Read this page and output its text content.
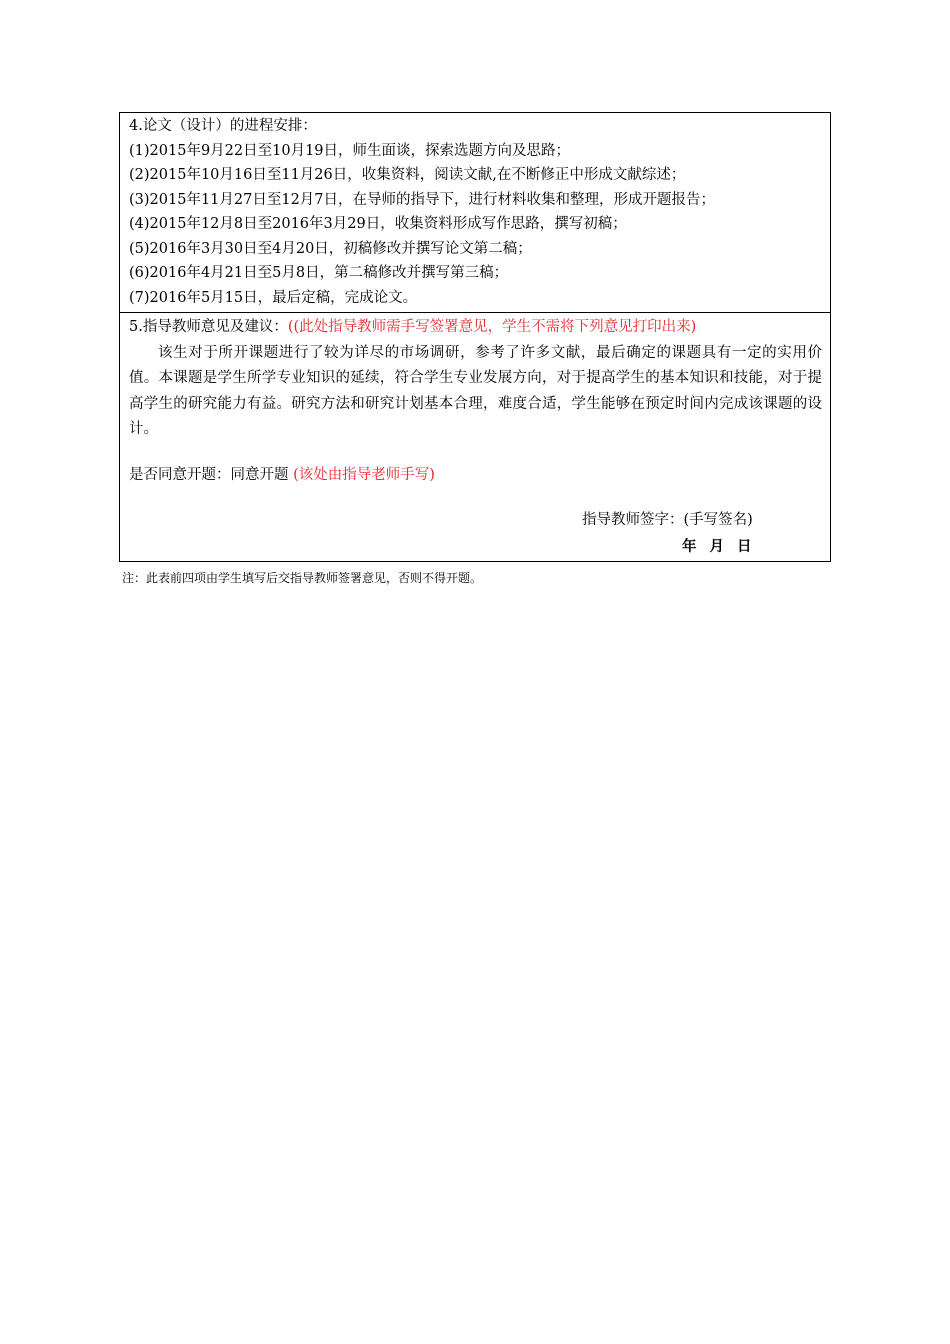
4.论文（设计）的进程安排：
(1)2015年9月22日至10月19日，师生面谈，探索选题方向及思路；
(2)2015年10月16日至11月26日，收集资料，阅读文献,在不断修正中形成文献综述；
(3)2015年11月27日至12月7日，在导师的指导下，进行材料收集和整理，形成开题报告；
(4)2015年12月8日至2016年3月29日，收集资料形成写作思路，撰写初稿；
(5)2016年3月30日至4月20日，初稿修改并撰写论文第二稿；
(6)2016年4月21日至5月8日，第二稿修改并撰写第三稿；
(7)2016年5月15日，最后定稿，完成论文。
5.指导教师意见及建议：((此处指导教师需手写签署意见，学生不需将下列意见打印出来)
该生对于所开课题进行了较为详尽的市场调研，参考了许多文献，最后确定的课题具有一定的实用价值。本课题是学生所学专业知识的延续，符合学生专业发展方向，对于提高学生的基本知识和技能，对于提高学生的研究能力有益。研究方法和研究计划基本合理，难度合适，学生能够在预定时间内完成该课题的设计。
是否同意开题：同意开题 (该处由指导老师手写)
指导教师签字：(手写签名)
年 月 日
注：此表前四项由学生填写后交指导教师签署意见，否则不得开题。
